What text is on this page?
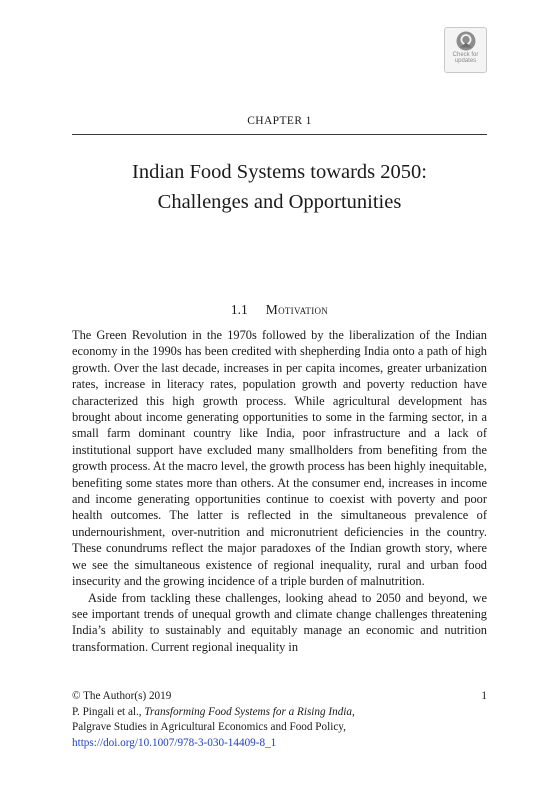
Check for
updates
CHAPTER 1
Indian Food Systems towards 2050:
Challenges and Opportunities
1.1 Motivation

The Green Revolution in the 1970s followed by the liberalization of the Indian economy in the 1990s has been credited with shepherding India onto a path of high growth. Over the last decade, increases in per capita incomes, greater urbanization rates, increase in literacy rates, population growth and poverty reduction have characterized this high growth process. While agricultural development has brought about income generating opportunities to some in the farming sector, in a small farm dominant country like India, poor infrastructure and a lack of institutional support have excluded many smallholders from benefiting from the growth process. At the macro level, the growth process has been highly inequitable, benefiting some states more than others. At the consumer end, increases in income and income generating opportunities continue to coexist with poverty and poor health outcomes. The latter is reflected in the simultaneous prevalence of undernourishment, over-nutrition and micronutrient deficiencies in the country. These conundrums reflect the major paradoxes of the Indian growth story, where we see the simultaneous existence of regional inequality, rural and urban food insecurity and the growing incidence of a triple burden of malnutrition.

Aside from tackling these challenges, looking ahead to 2050 and beyond, we see important trends of unequal growth and climate change challenges threatening India’s ability to sustainably and equitably manage an economic and nutrition transformation. Current regional inequality in

© The Author(s) 2019	1
P. Pingali et al., Transforming Food Systems for a Rising India,
Palgrave Studies in Agricultural Economics and Food Policy,
https://doi.org/10.1007/978-3-030-14409-8_1
